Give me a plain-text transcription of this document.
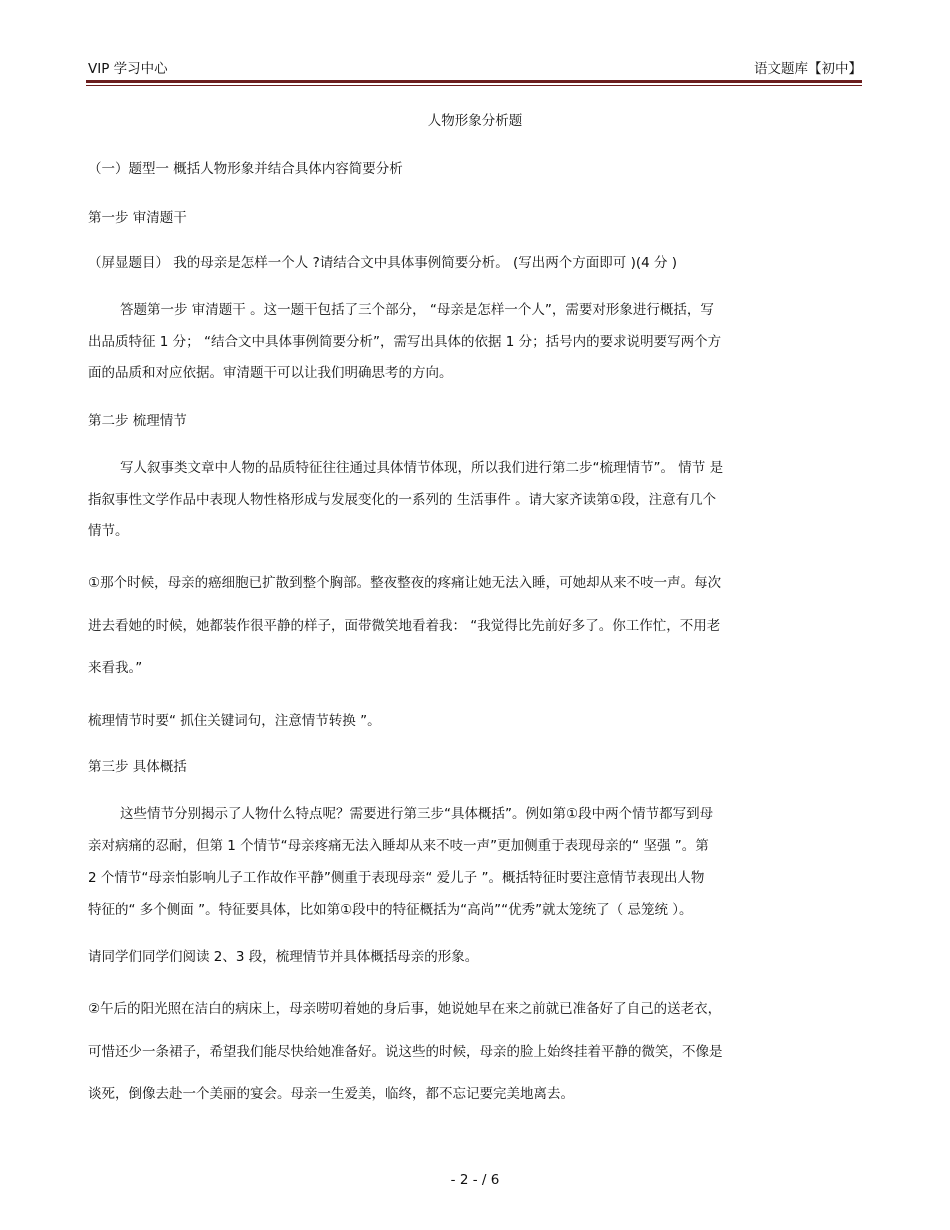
VIP 学习中心	语文题库【初中】
人物形象分析题
（一）题型一 概括人物形象并结合具体内容简要分析
第一步 审清题干
（屏显题目） 我的母亲是怎样一个人 ?请结合文中具体事例简要分析。 (写出两个方面即可 )(4 分 )
答题第一步 审清题干 。这一题干包括了三个部分， “母亲是怎样一个人”，需要对形象进行概括，写
出品质特征 1 分； “结合文中具体事例简要分析”，需写出具体的依据 1 分；括号内的要求说明要写两个方
面的品质和对应依据。审清题干可以让我们明确思考的方向。
第二步 梳理情节
写人叙事类文章中人物的品质特征往往通过具体情节体现，所以我们进行第二步“梳理情节”。 情节 是
指叙事性文学作品中表现人物性格形成与发展变化的一系列的 生活事件 。请大家齐读第①段，注意有几个
情节。
①那个时候，母亲的癌细胞已扩散到整个胸部。整夜整夜的疼痛让她无法入睡，可她却从来不吱一声。每次
进去看她的时候，她都装作很平静的样子，面带微笑地看着我： “我觉得比先前好多了。你工作忙，不用老
来看我。”
梳理情节时要“ 抓住关键词句，注意情节转换 ”。
第三步 具体概括
这些情节分别揭示了人物什么特点呢？需要进行第三步“具体概括”。例如第①段中两个情节都写到母
亲对病痛的忍耐，但第 1 个情节“母亲疼痛无法入睡却从来不吱一声”更加侧重于表现母亲的“ 坚强 ”。第
2 个情节“母亲怕影响儿子工作故作平静”侧重于表现母亲“ 爱儿子 ”。概括特征时要注意情节表现出人物
特征的“ 多个侧面 ”。特征要具体，比如第①段中的特征概括为“高尚”“优秀”就太笼统了（ 忌笼统 ）。
请同学们同学们阅读 2、3 段，梳理情节并具体概括母亲的形象。
②午后的阳光照在洁白的病床上，母亲唠叨着她的身后事，她说她早在来之前就已准备好了自己的送老衣，
可惜还少一条裙子，希望我们能尽快给她准备好。说这些的时候，母亲的脸上始终挂着平静的微笑，不像是
谈死，倒像去赴一个美丽的宴会。母亲一生爱美，临终，都不忘记要完美地离去。
- 2 - / 6
